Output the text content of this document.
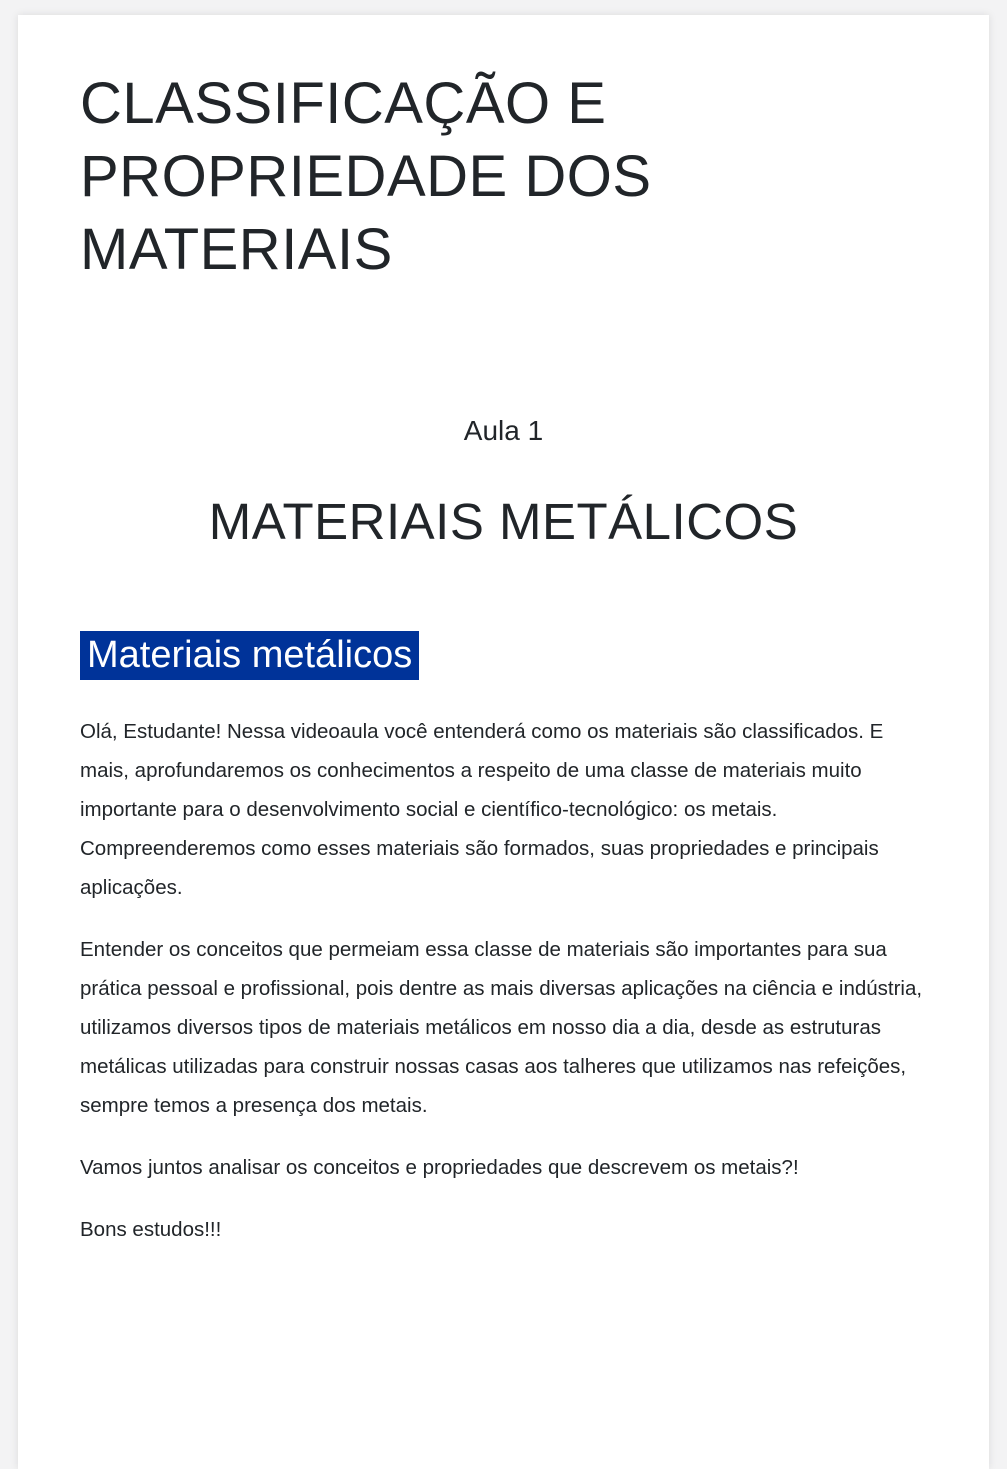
CLASSIFICAÇÃO E PROPRIEDADE DOS MATERIAIS
Aula 1
MATERIAIS METÁLICOS
Materiais metálicos

Olá, Estudante! Nessa videoaula você entenderá como os materiais são classificados. E mais, aprofundaremos os conhecimentos a respeito de uma classe de materiais muito importante para o desenvolvimento social e científico-tecnológico: os metais. Compreenderemos como esses materiais são formados, suas propriedades e principais aplicações.

Entender os conceitos que permeiam essa classe de materiais são importantes para sua prática pessoal e profissional, pois dentre as mais diversas aplicações na ciência e indústria, utilizamos diversos tipos de materiais metálicos em nosso dia a dia, desde as estruturas metálicas utilizadas para construir nossas casas aos talheres que utilizamos nas refeições, sempre temos a presença dos metais.

Vamos juntos analisar os conceitos e propriedades que descrevem os metais?!

Bons estudos!!!
